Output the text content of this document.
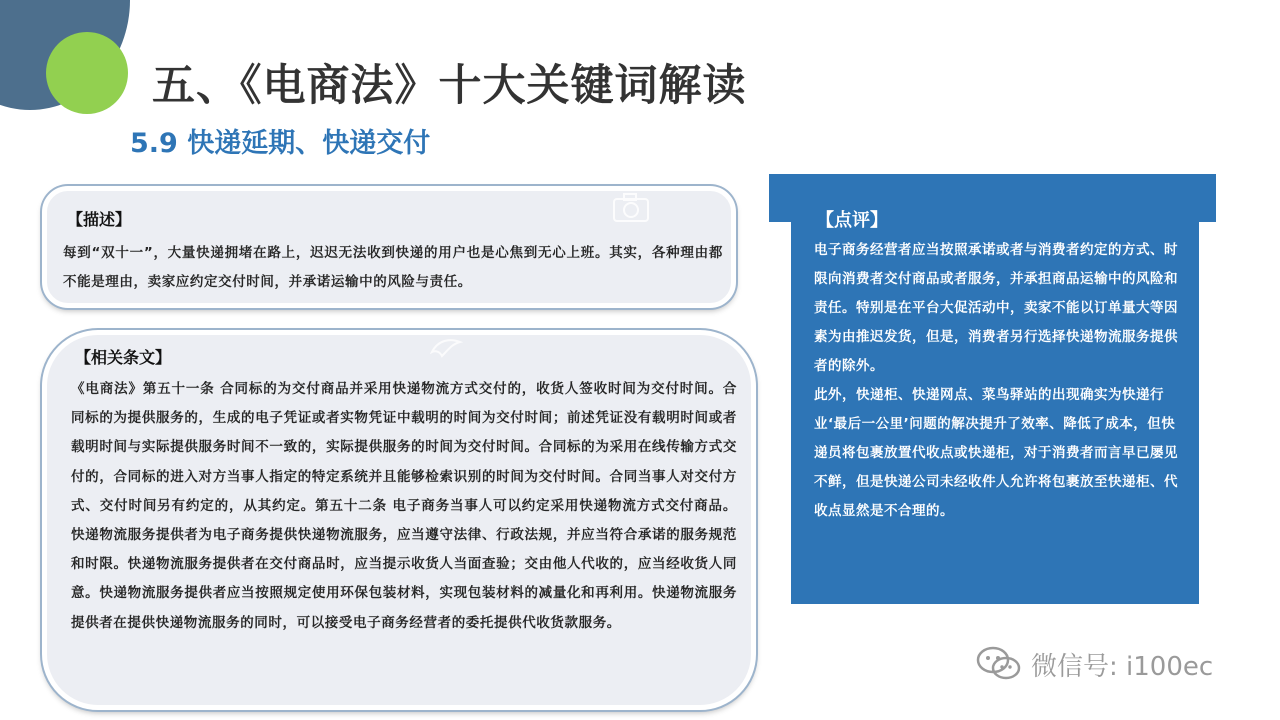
五、《电商法》十大关键词解读
5.9 快递延期、快递交付
【描述】
每到“双十一”，大量快递拥堵在路上，迟迟无法收到快递的用户也是心焦到无心上班。其实，各种理由都不能是理由，卖家应约定交付时间，并承诺运输中的风险与责任。
【相关条文】
《电商法》第五十一条 合同标的为交付商品并采用快递物流方式交付的，收货人签收时间为交付时间。合同标的为提供服务的，生成的电子凭证或者实物凭证中载明的时间为交付时间；前述凭证没有载明时间或者载明时间与实际提供服务时间不一致的，实际提供服务的时间为交付时间。合同标的为采用在线传输方式交付的，合同标的进入对方当事人指定的特定系统并且能够检索识别的时间为交付时间。合同当事人对交付方式、交付时间另有约定的，从其约定。第五十二条 电子商务当事人可以约定采用快递物流方式交付商品。快递物流服务提供者为电子商务提供快递物流服务，应当遵守法律、行政法规，并应当符合承诺的服务规范和时限。快递物流服务提供者在交付商品时，应当提示收货人当面查验；交由他人代收的，应当经收货人同意。快递物流服务提供者应当按照规定使用环保包装材料，实现包装材料的减量化和再利用。快递物流服务提供者在提供快递物流服务的同时，可以接受电子商务经营者的委托提供代收货款服务。
【点评】

电子商务经营者应当按照承诺或者与消费者约定的方式、时限向消费者交付商品或者服务，并承担商品运输中的风险和责任。特别是在平台大促活动中，卖家不能以订单量大等因素为由推迟发货，但是，消费者另行选择快递物流服务提供者的除外。

此外，快递柜、快递网点、菜鸟驿站的出现确实为快递行业‘最后一公里’问题的解决提升了效率、降低了成本，但快递员将包裹放置代收点或快递柜，对于消费者而言早已屡见不鲜，但是快递公司未经收件人允许将包裹放至快递柜、代收点显然是不合理的。

微信号: i100ec
